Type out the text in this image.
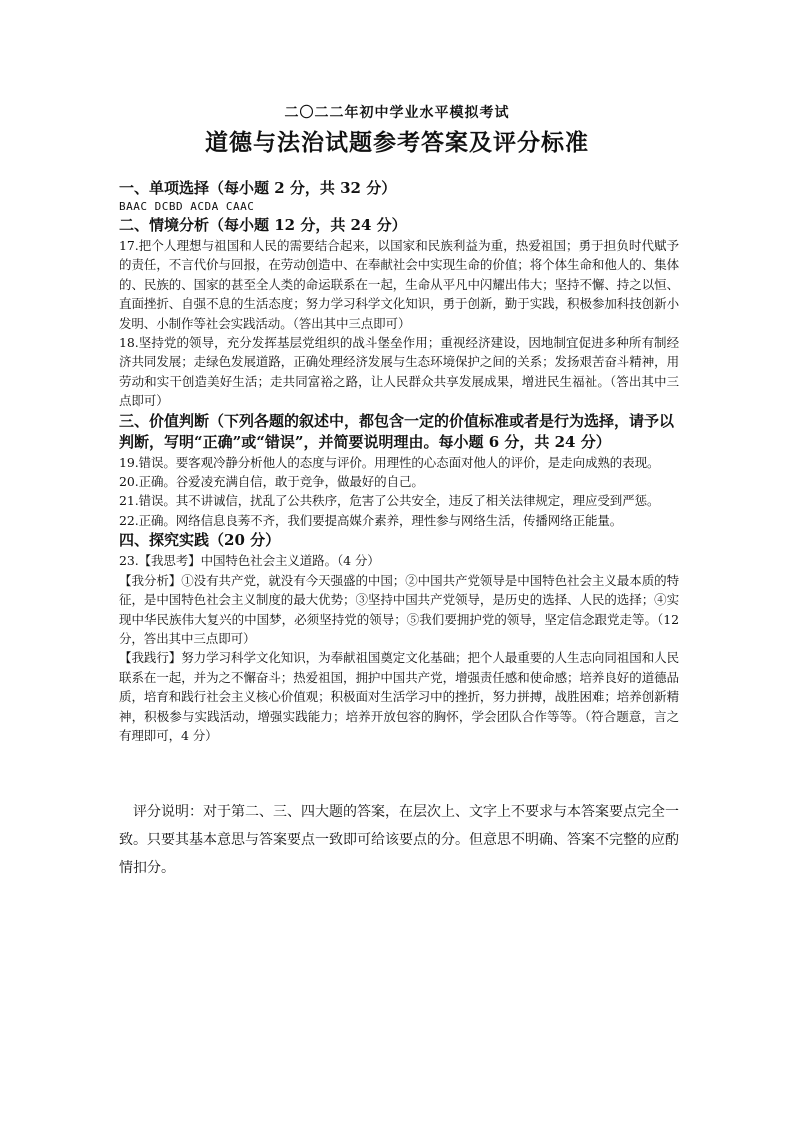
二〇二二年初中学业水平模拟考试
道德与法治试题参考答案及评分标准

一、单项选择（每小题 2 分，共 32 分）

BAAC DCBD ACDA CAAC

二、情境分析（每小题 12 分，共 24 分）

17.把个人理想与祖国和人民的需要结合起来，以国家和民族利益为重，热爱祖国；勇于担负时代赋予的责任，不言代价与回报，在劳动创造中、在奉献社会中实现生命的价值；将个体生命和他人的、集体的、民族的、国家的甚至全人类的命运联系在一起，生命从平凡中闪耀出伟大；坚持不懈、持之以恒、直面挫折、自强不息的生活态度；努力学习科学文化知识，勇于创新，勤于实践，积极参加科技创新小发明、小制作等社会实践活动。（答出其中三点即可）

18.坚持党的领导，充分发挥基层党组织的战斗堡垒作用；重视经济建设，因地制宜促进多种所有制经济共同发展；走绿色发展道路，正确处理经济发展与生态环境保护之间的关系；发扬艰苦奋斗精神，用劳动和实干创造美好生活；走共同富裕之路，让人民群众共享发展成果，增进民生福祉。（答出其中三点即可）

三、价值判断（下列各题的叙述中，都包含一定的价值标准或者是行为选择，请予以判断，写明“正确”或“错误”，并简要说明理由。每小题 6 分，共 24 分）

19.错误。要客观冷静分析他人的态度与评价。用理性的心态面对他人的评价，是走向成熟的表现。

20.正确。谷爱凌充满自信，敢于竞争，做最好的自己。

21.错误。其不讲诚信，扰乱了公共秩序，危害了公共安全，违反了相关法律规定，理应受到严惩。

22.正确。网络信息良莠不齐，我们要提高媒介素养，理性参与网络生活，传播网络正能量。

四、探究实践（20 分）

23.【我思考】中国特色社会主义道路。（4 分）

【我分析】①没有共产党，就没有今天强盛的中国；②中国共产党领导是中国特色社会主义最本质的特征，是中国特色社会主义制度的最大优势；③坚持中国共产党领导，是历史的选择、人民的选择；④实现中华民族伟大复兴的中国梦，必须坚持党的领导；⑤我们要拥护党的领导，坚定信念跟党走等。（12 分，答出其中三点即可）

【我践行】努力学习科学文化知识，为奉献祖国奠定文化基础；把个人最重要的人生志向同祖国和人民联系在一起，并为之不懈奋斗；热爱祖国，拥护中国共产党，增强责任感和使命感；培养良好的道德品质，培育和践行社会主义核心价值观；积极面对生活学习中的挫折，努力拼搏，战胜困难；培养创新精神，积极参与实践活动，增强实践能力；培养开放包容的胸怀，学会团队合作等等。（符合题意，言之有理即可，4 分）

评分说明：对于第二、三、四大题的答案，在层次上、文字上不要求与本答案要点完全一致。只要其基本意思与答案要点一致即可给该要点的分。但意思不明确、答案不完整的应酌情扣分。
